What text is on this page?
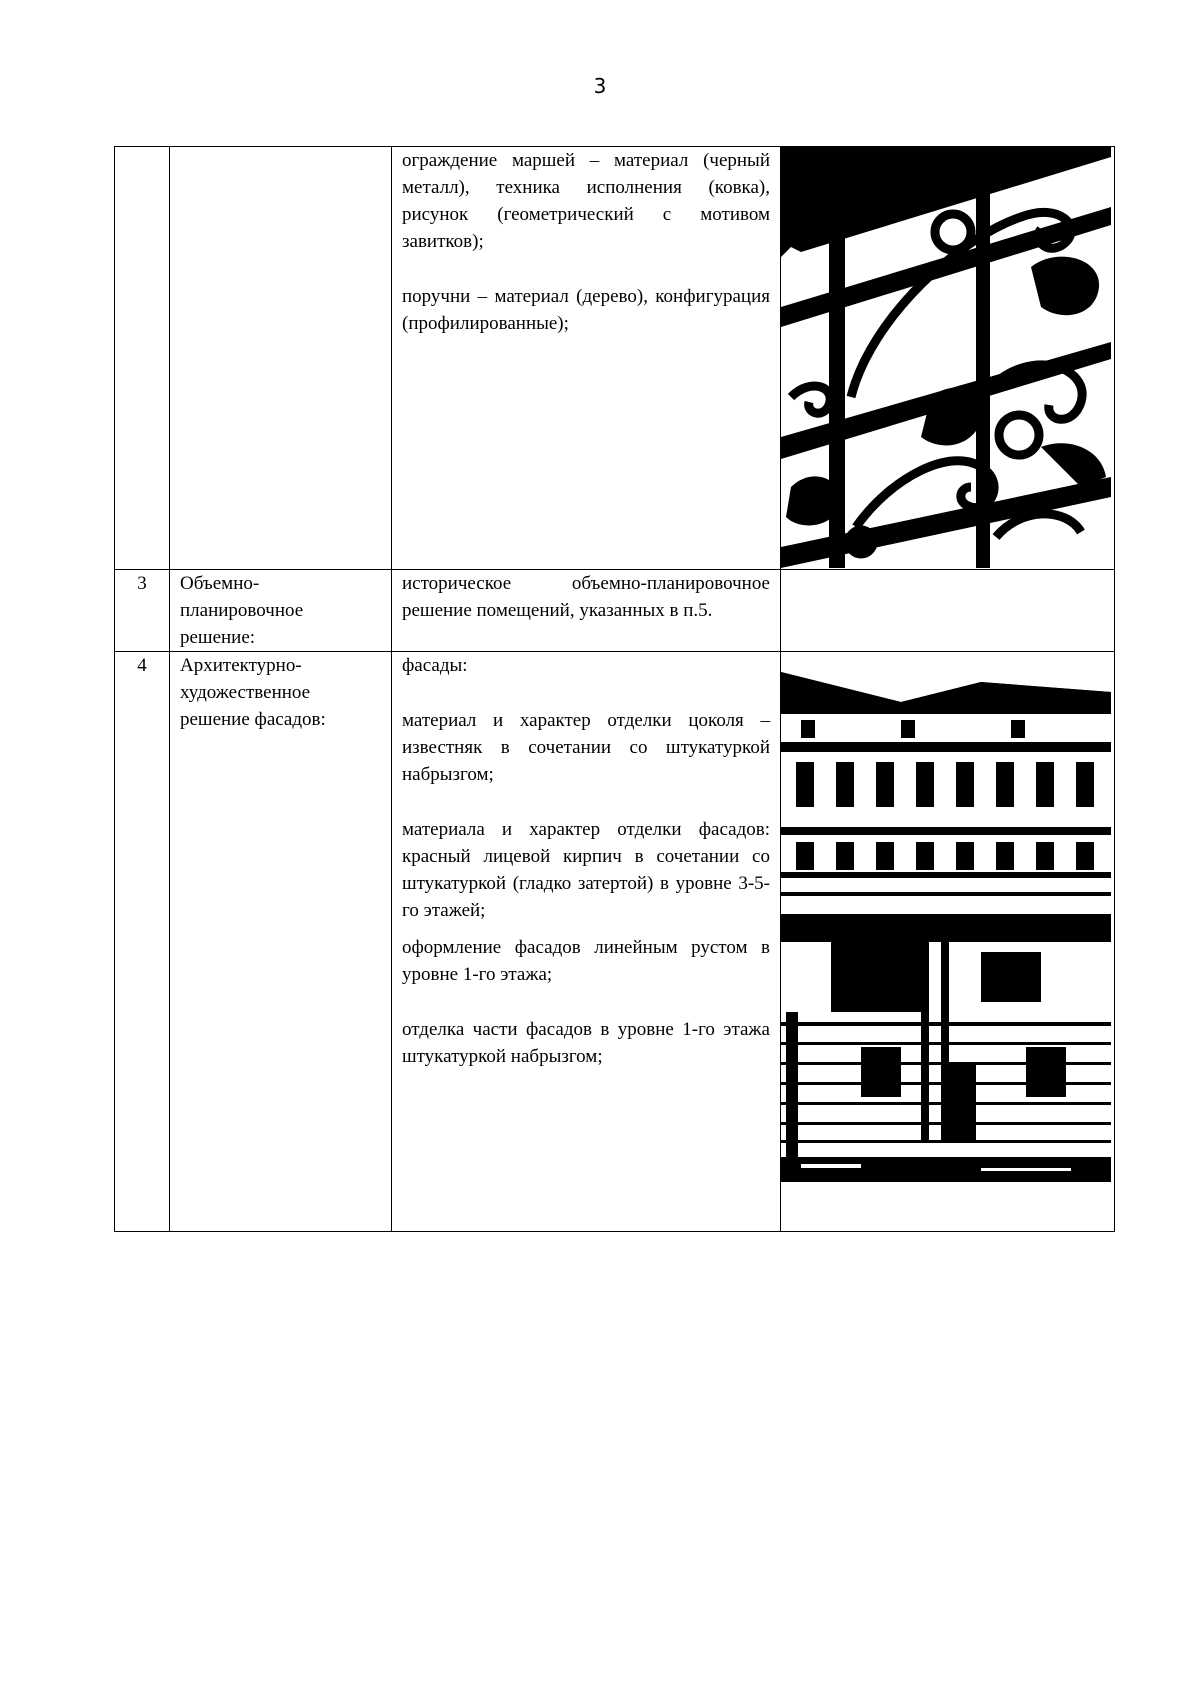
3

		ограждение маршей – материал (черный металл), техника исполнения (ковка), рисунок (геометрический с мотивом завитков);

поручни – материал (дерево), конфигурация (профилированные);

3	Объемно-планировочное решение:	историческое объемно-планировочное решение помещений, указанных в п.5.	

4	Архитектурно-художественное решение фасадов:	фасады:

материал и характер отделки цоколя – известняк в сочетании со штукатуркой набрызгом;

материала и характер отделки фасадов: красный лицевой кирпич в сочетании со штукатуркой (гладко затертой) в уровне 3-5-го этажей;

оформление фасадов линейным рустом в уровне 1-го этажа;

отделка части фасадов в уровне 1-го этажа штукатуркой набрызгом;
